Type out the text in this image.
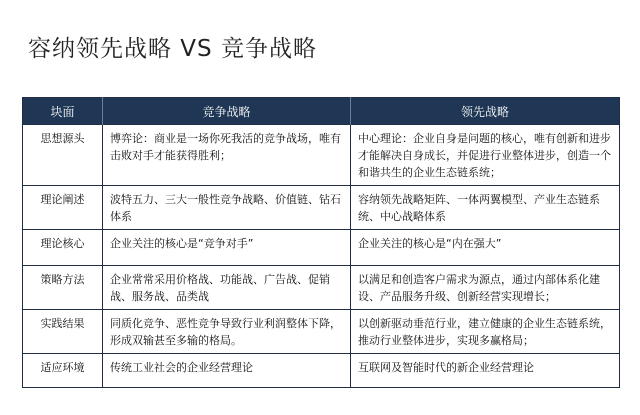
容纳领先战略 VS 竞争战略
块面	竞争战略	领先战略
思想源头	博弈论：商业是一场你死我活的竞争战场，唯有击败对手才能获得胜利；	中心理论：企业自身是问题的核心，唯有创新和进步才能解决自身成长，并促进行业整体进步，创造一个和谐共生的企业生态链系统；
理论阐述	波特五力、三大一般性竞争战略、价值链、钻石体系	容纳领先战略矩阵、一体两翼模型、产业生态链系统、中心战略体系
理论核心	企业关注的核心是“竞争对手”	企业关注的核心是“内在强大”
策略方法	企业常常采用价格战、功能战、广告战、促销战、服务战、品类战	以满足和创造客户需求为源点，通过内部体系化建设、产品服务升级、创新经营实现增长；
实践结果	同质化竞争、恶性竞争导致行业利润整体下降，形成双输甚至多输的格局。	以创新驱动垂范行业，建立健康的企业生态链系统，推动行业整体进步，实现多赢格局；
适应环境	传统工业社会的企业经营理论	互联网及智能时代的新企业经营理论
